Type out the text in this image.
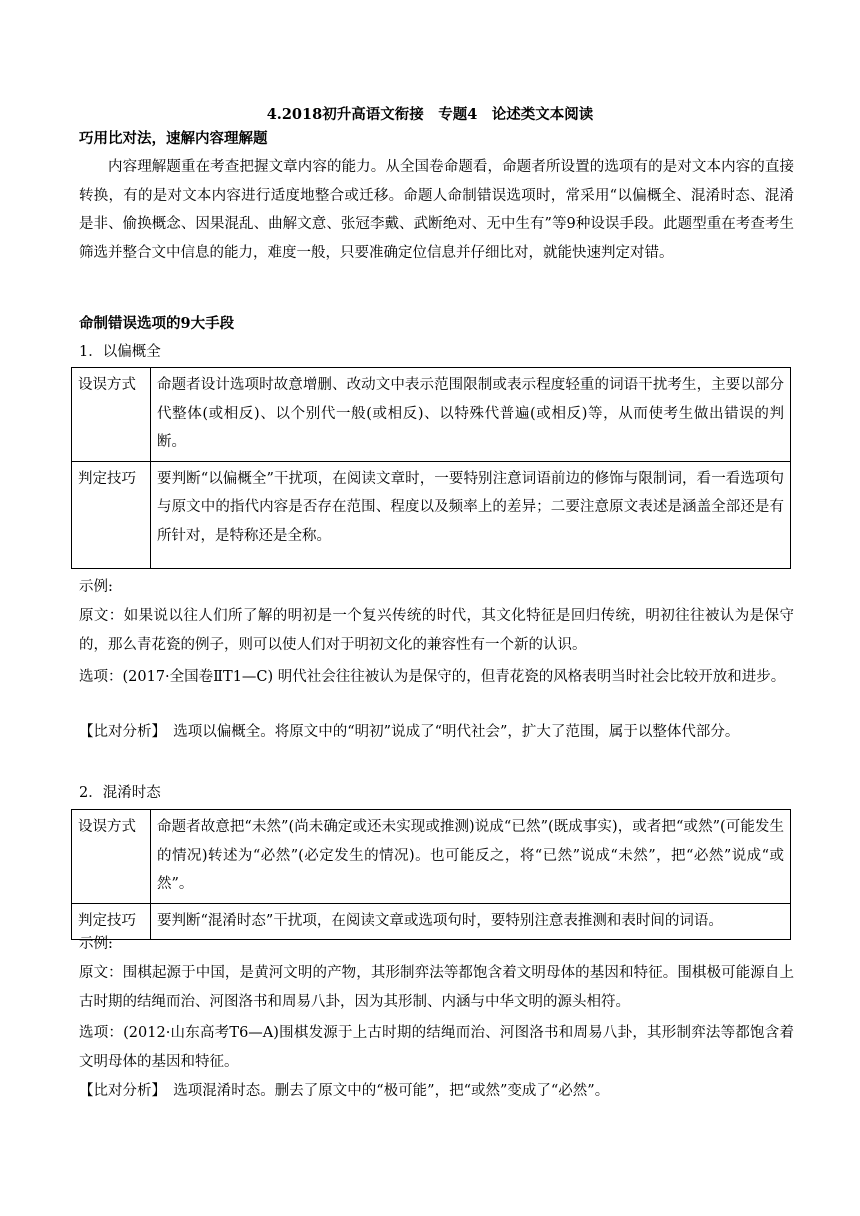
4.2018初升高语文衔接　专题4　论述类文本阅读
巧用比对法，速解内容理解题
内容理解题重在考查把握文章内容的能力。从全国卷命题看，命题者所设置的选项有的是对文本内容的直接转换，有的是对文本内容进行适度地整合或迁移。命题人命制错误选项时，常采用“以偏概全、混淆时态、混淆是非、偷换概念、因果混乱、曲解文意、张冠李戴、武断绝对、无中生有”等9种设误手段。此题型重在考查考生筛选并整合文中信息的能力，难度一般，只要准确定位信息并仔细比对，就能快速判定对错。
命制错误选项的9大手段
1．以偏概全
设误方式	命题者设计选项时故意增删、改动文中表示范围限制或表示程度轻重的词语干扰考生，主要以部分代整体(或相反)、以个别代一般(或相反)、以特殊代普遍(或相反)等，从而使考生做出错误的判断。
判定技巧	要判断“以偏概全”干扰项，在阅读文章时，一要特别注意词语前边的修饰与限制词，看一看选项句与原文中的指代内容是否存在范围、程度以及频率上的差异；二要注意原文表述是涵盖全部还是有所针对，是特称还是全称。
示例:
原文：如果说以往人们所了解的明初是一个复兴传统的时代，其文化特征是回归传统，明初往往被认为是保守的，那么青花瓷的例子，则可以使人们对于明初文化的兼容性有一个新的认识。
选项：(2017·全国卷ⅡT1—C) 明代社会往往被认为是保守的，但青花瓷的风格表明当时社会比较开放和进步。
【比对分析】　选项以偏概全。将原文中的“明初”说成了“明代社会”，扩大了范围，属于以整体代部分。
2．混淆时态
设误方式	命题者故意把“未然”(尚未确定或还未实现或推测)说成“已然”(既成事实)，或者把“或然”(可能发生的情况)转述为“必然”(必定发生的情况)。也可能反之，将“已然”说成“未然”，把“必然”说成“或然”。
判定技巧	要判断“混淆时态”干扰项，在阅读文章或选项句时，要特别注意表推测和表时间的词语。
示例:
原文：围棋起源于中国，是黄河文明的产物，其形制弈法等都饱含着文明母体的基因和特征。围棋极可能源自上古时期的结绳而治、河图洛书和周易八卦，因为其形制、内涵与中华文明的源头相符。
选项：(2012·山东高考T6—A)围棋发源于上古时期的结绳而治、河图洛书和周易八卦，其形制弈法等都饱含着文明母体的基因和特征。
【比对分析】　选项混淆时态。删去了原文中的“极可能”，把“或然”变成了“必然”。
